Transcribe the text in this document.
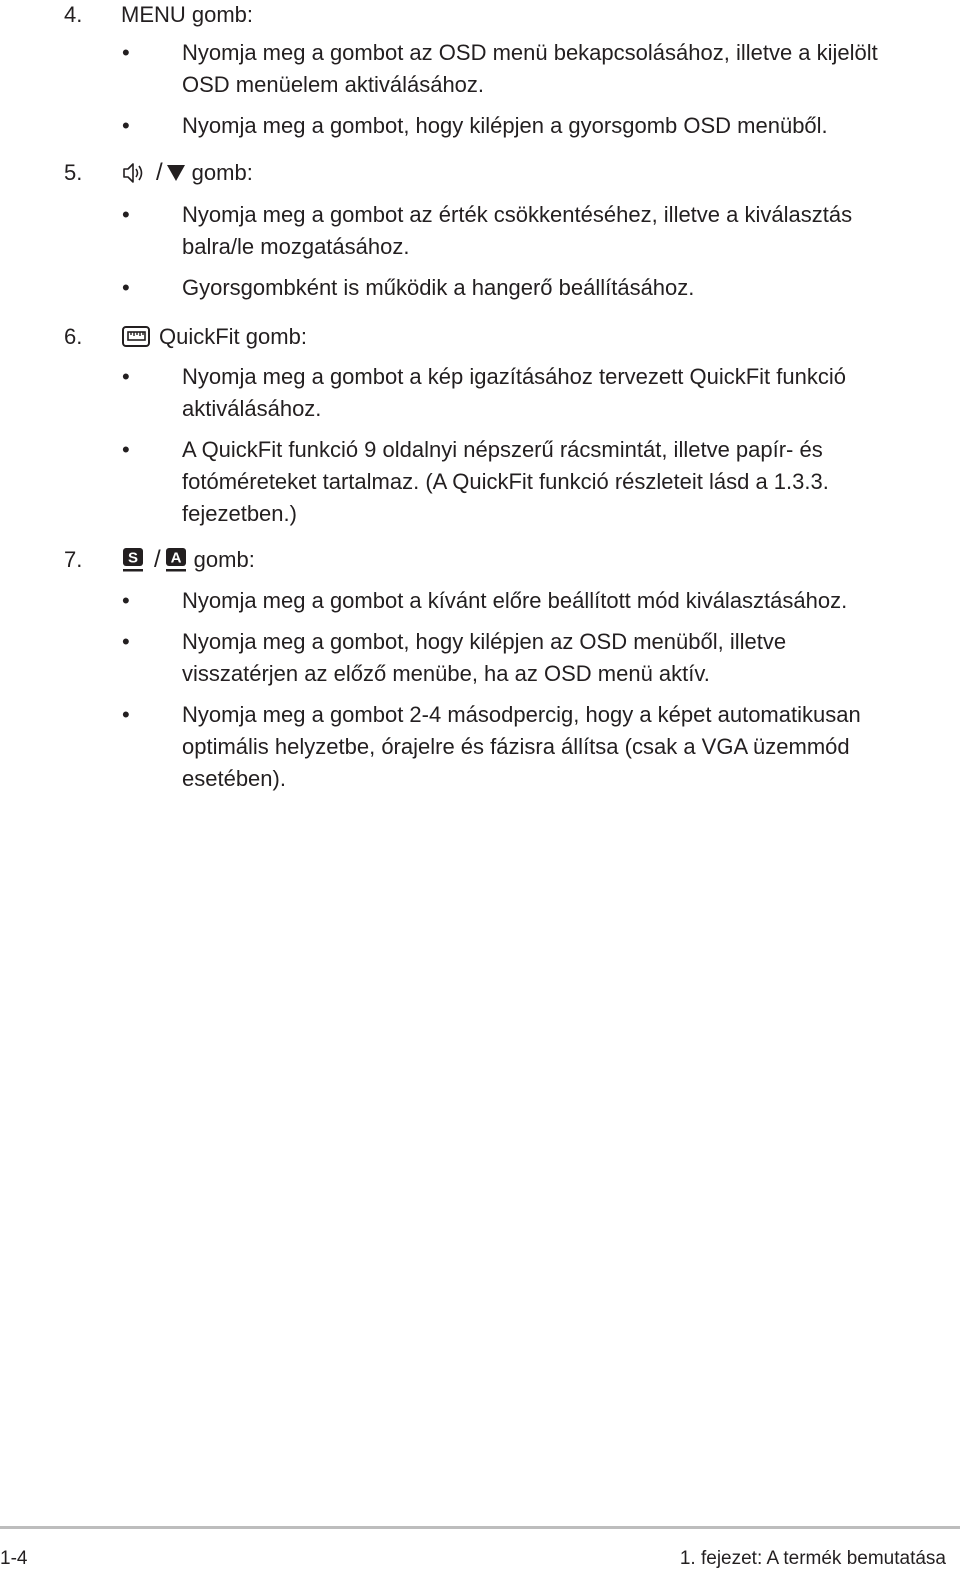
4.	MENU gomb:
• Nyomja meg a gombot az OSD menü bekapcsolásához, illetve a kijelölt
OSD menüelem aktiválásához.
• Nyomja meg a gombot, hogy kilépjen a gyorsgomb OSD menüből.
5.	/ gomb:
• Nyomja meg a gombot az érték csökkentéséhez, illetve a kiválasztás
balra/le mozgatásához.
• Gyorsgombként is működik a hangerő beállításához.
6.	QuickFit gomb:
• Nyomja meg a gombot a kép igazításához tervezett QuickFit funkció
aktiválásához.
• A QuickFit funkció 9 oldalnyi népszerű rácsmintát, illetve papír- és
fotóméreteket tartalmaz. (A QuickFit funkció részleteit lásd a 1.3.3.
fejezetben.)
7.	S / A gomb:
• Nyomja meg a gombot a kívánt előre beállított mód kiválasztásához.
• Nyomja meg a gombot, hogy kilépjen az OSD menüből, illetve
visszatérjen az előző menübe, ha az OSD menü aktív.
• Nyomja meg a gombot 2-4 másodpercig, hogy a képet automatikusan
optimális helyzetbe, órajelre és fázisra állítsa (csak a VGA üzemmód
esetében).
1-4	1. fejezet: A termék bemutatása
